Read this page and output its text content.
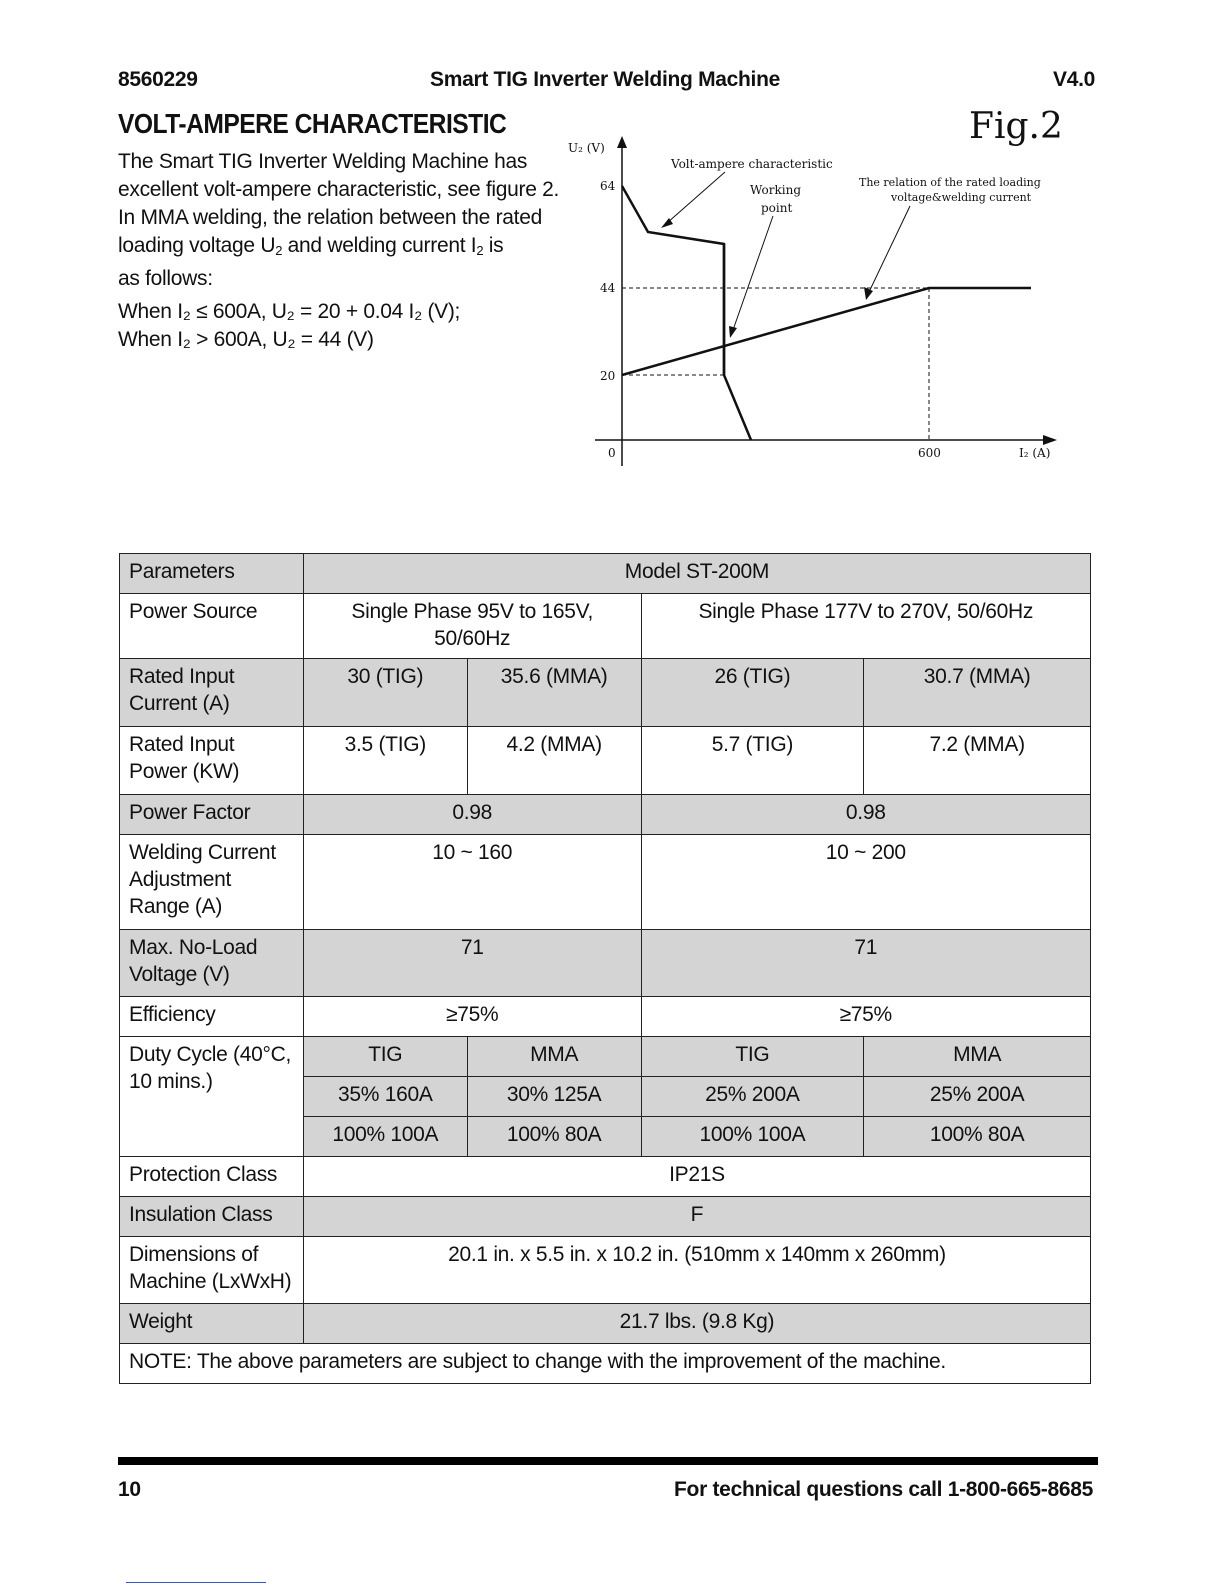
8560229	Smart TIG Inverter Welding Machine	V4.0
VOLT-AMPERE CHARACTERISTIC
The Smart TIG Inverter Welding Machine has
excellent volt-ampere characteristic, see figure 2.
In MMA welding, the relation between the rated
loading voltage $U_2$ and welding current $I_2$ is
as follows:
When I₂ ≤ 600A, U₂ = 20 + 0.04 I₂ (V);
When I₂ > 600A, U₂ = 44 (V)
Fig.2
U₂ (V)
I₂ (A)
64
44
20
0	600
Volt-ampere characteristic
Working
point
The relation of the rated loading
voltage&welding current
Parameters	Model ST-200M			
Power Source	Single Phase 95V to 165V, 50/60Hz		Single Phase 177V to 270V, 50/60Hz	
Rated Input Current (A)	30 (TIG)	35.6 (MMA)	26 (TIG)	30.7 (MMA)
Rated Input Power (KW)	3.5 (TIG)	4.2 (MMA)	5.7 (TIG)	7.2 (MMA)
Power Factor	0.98		0.98	
Welding Current Adjustment Range (A)	10 ~ 160		10 ~ 200	
Max. No-Load Voltage (V)	71		71	
Efficiency	≥75%		≥75%	
Duty Cycle (40°C, 10 mins.)	TIG	MMA	TIG	MMA
	35% 160A	30% 125A	25% 200A	25% 200A
	100% 100A	100% 80A	100% 100A	100% 80A
Protection Class	IP21S			
Insulation Class	F			
Dimensions of Machine (LxWxH)	20.1 in. x 5.5 in. x 10.2 in. (510mm x 140mm x 260mm)			
Weight	21.7 lbs. (9.8 Kg)			
NOTE: The above parameters are subject to change with the improvement of the machine.				
10	For technical questions call 1-800-665-8685
